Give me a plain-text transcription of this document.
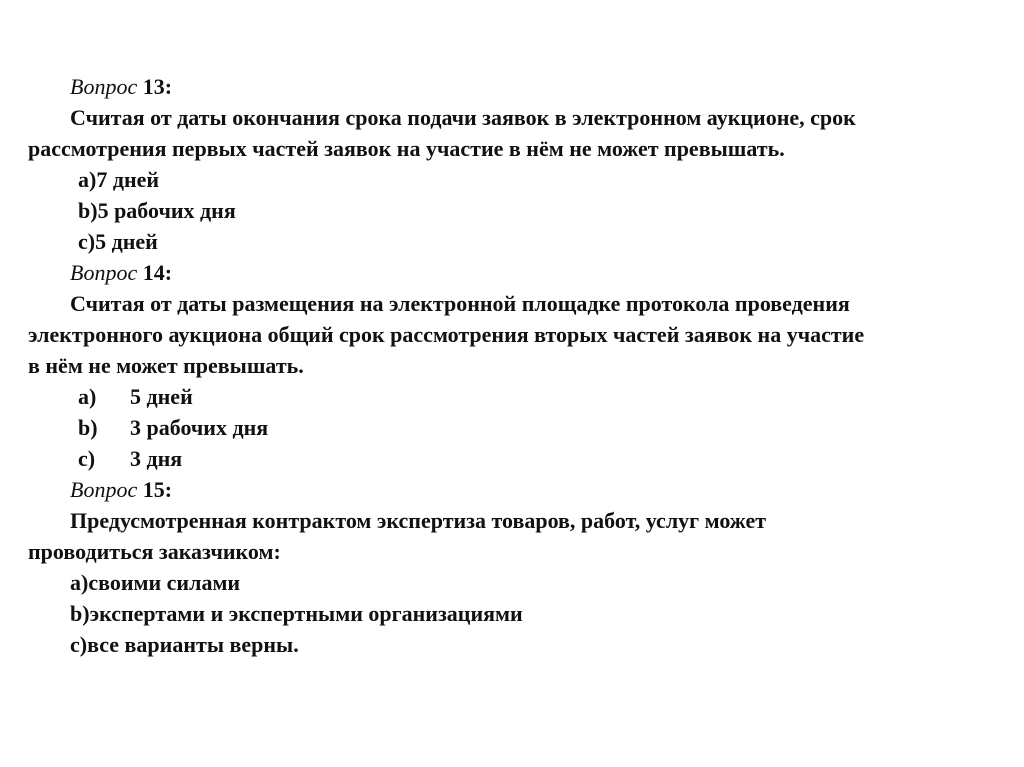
Вопрос 13:
Считая от даты окончания срока подачи заявок в электронном аукционе, срок
рассмотрения первых частей заявок на участие в нём не может превышать.
a)7 дней
b)5 рабочих дня
c)5 дней
Вопрос 14:
Считая от даты размещения на электронной площадке протокола проведения
электронного аукциона общий срок рассмотрения вторых частей заявок на участие
в нём не может превышать.
a) 5 дней
b) 3 рабочих дня
c) 3 дня
Вопрос 15:
Предусмотренная контрактом экспертиза товаров, работ, услуг может
проводиться заказчиком:
a)своими силами
b)экспертами и экспертными организациями
c)все варианты верны.
